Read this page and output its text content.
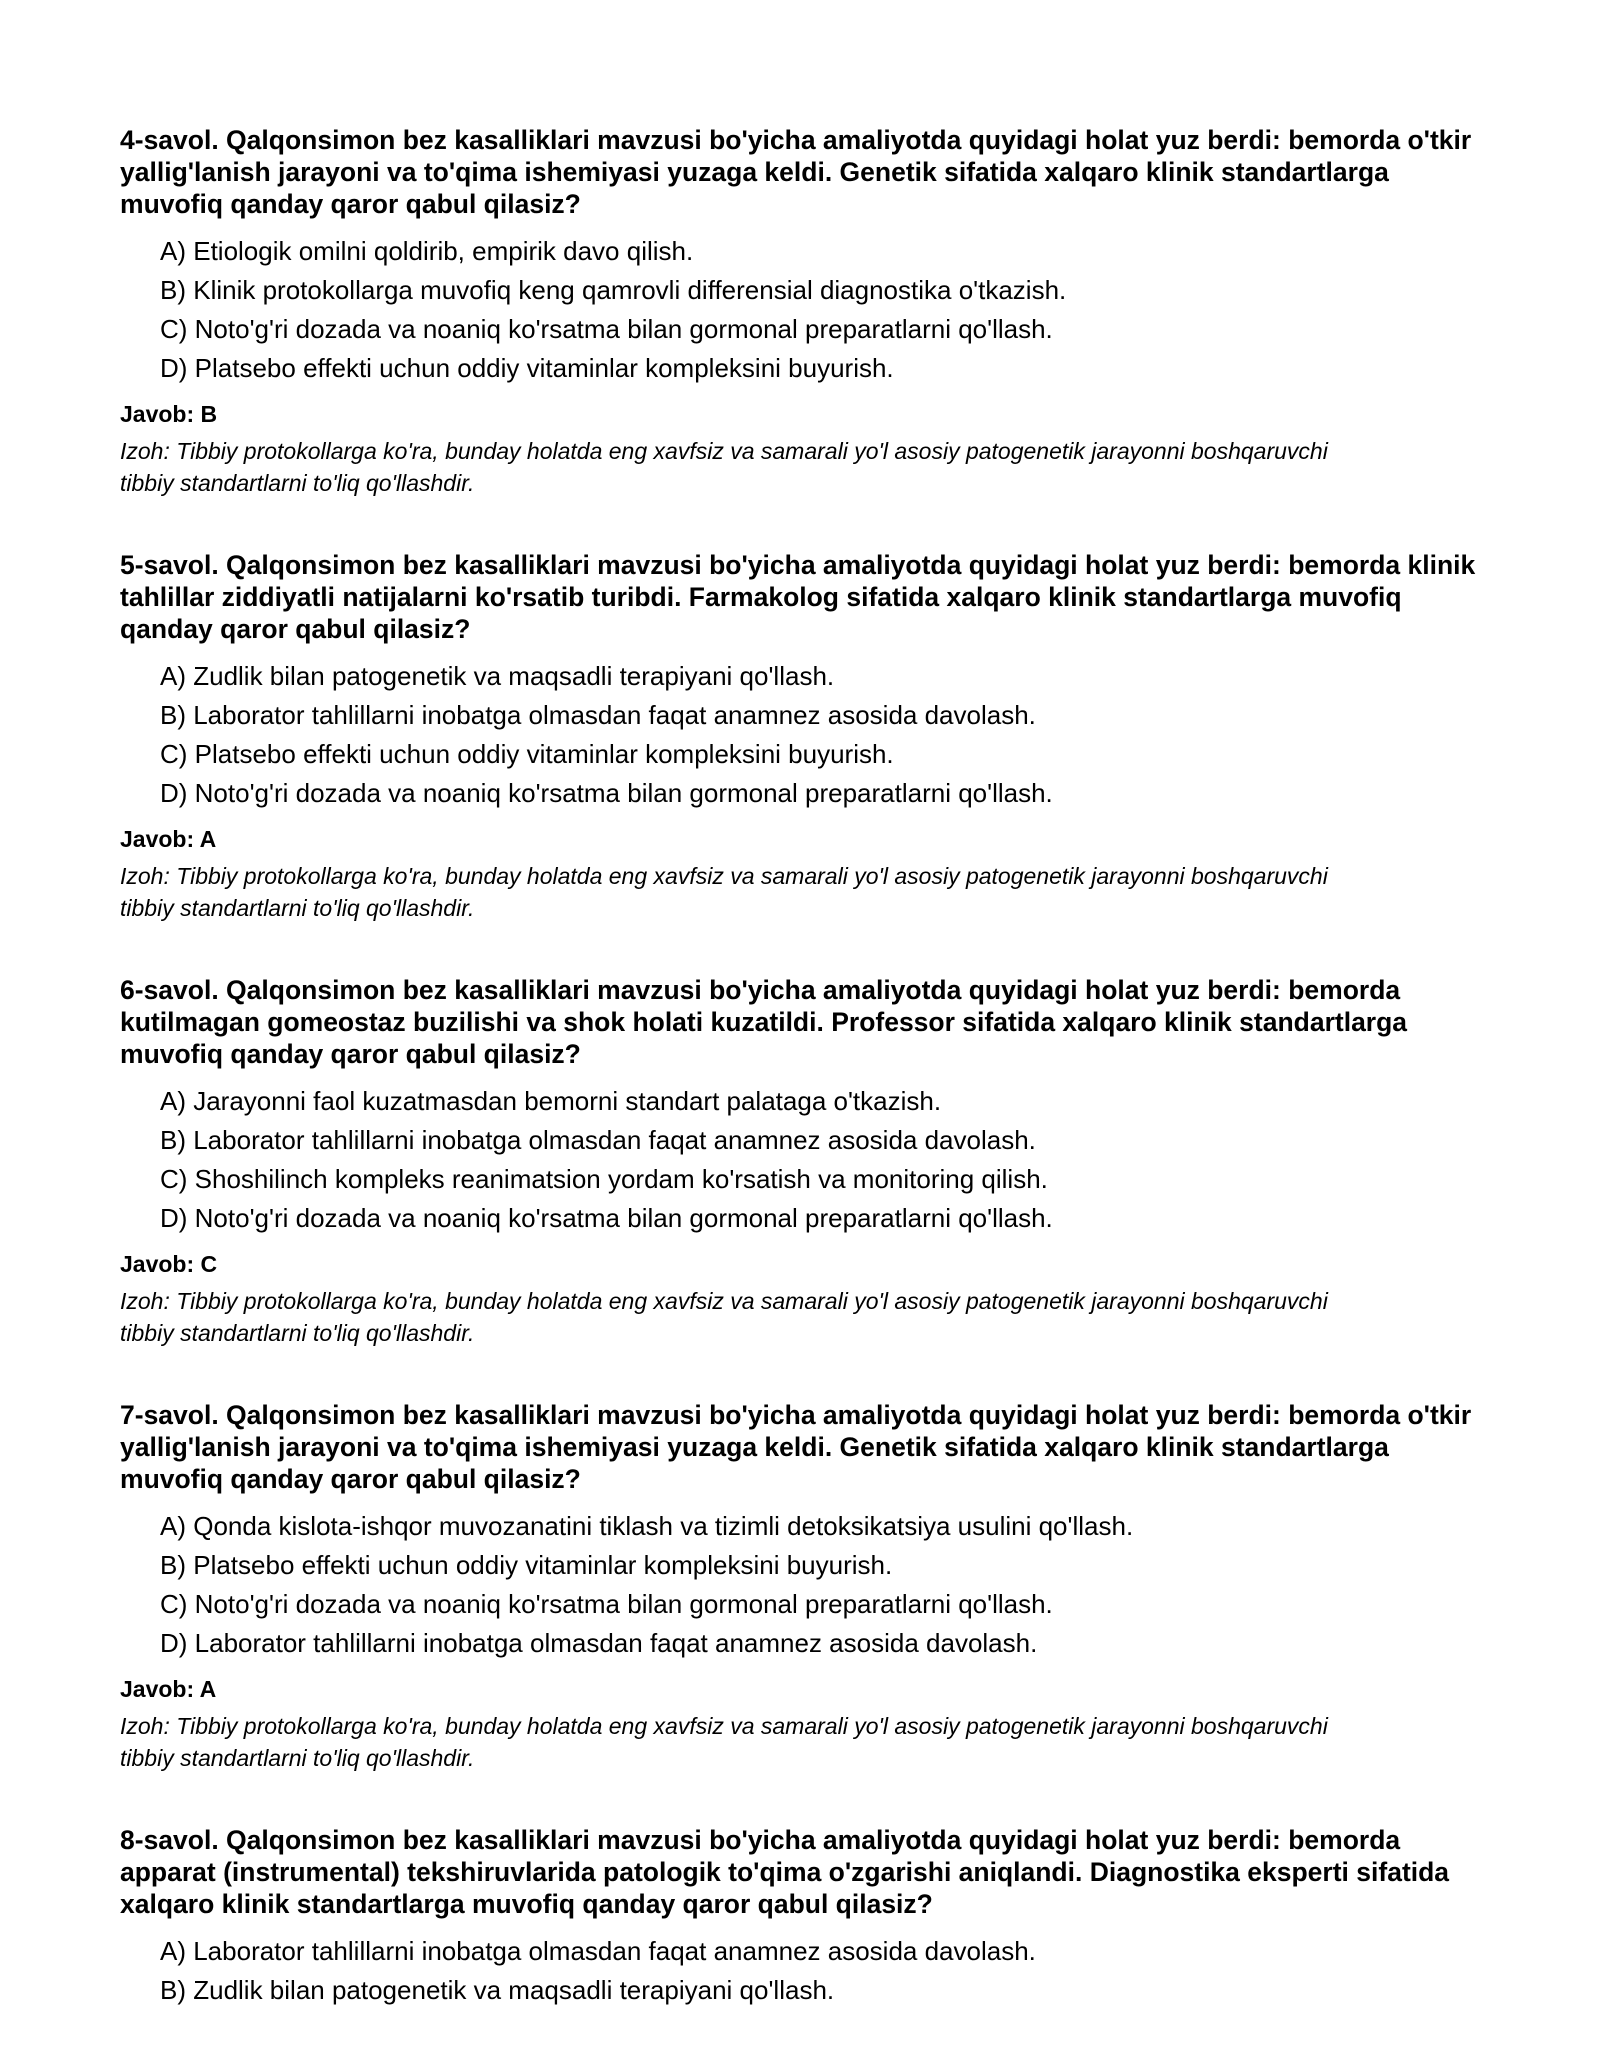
4-savol. Qalqonsimon bez kasalliklari mavzusi bo'yicha amaliyotda quyidagi holat yuz berdi: bemorda o'tkir yallig'lanish jarayoni va to'qima ishemiyasi yuzaga keldi. Genetik sifatida xalqaro klinik standartlarga muvofiq qanday qaror qabul qilasiz?

A) Etiologik omilni qoldirib, empirik davo qilish.
B) Klinik protokollarga muvofiq keng qamrovli differensial diagnostika o'tkazish.
C) Noto'g'ri dozada va noaniq ko'rsatma bilan gormonal preparatlarni qo'llash.
D) Platsebo effekti uchun oddiy vitaminlar kompleksini buyurish.

Javob: B

Izoh: Tibbiy protokollarga ko'ra, bunday holatda eng xavfsiz va samarali yo'l asosiy patogenetik jarayonni boshqaruvchi tibbiy standartlarni to'liq qo'llashdir.

5-savol. Qalqonsimon bez kasalliklari mavzusi bo'yicha amaliyotda quyidagi holat yuz berdi: bemorda klinik tahlillar ziddiyatli natijalarni ko'rsatib turibdi. Farmakolog sifatida xalqaro klinik standartlarga muvofiq qanday qaror qabul qilasiz?

A) Zudlik bilan patogenetik va maqsadli terapiyani qo'llash.
B) Laborator tahlillarni inobatga olmasdan faqat anamnez asosida davolash.
C) Platsebo effekti uchun oddiy vitaminlar kompleksini buyurish.
D) Noto'g'ri dozada va noaniq ko'rsatma bilan gormonal preparatlarni qo'llash.

Javob: A

Izoh: Tibbiy protokollarga ko'ra, bunday holatda eng xavfsiz va samarali yo'l asosiy patogenetik jarayonni boshqaruvchi tibbiy standartlarni to'liq qo'llashdir.

6-savol. Qalqonsimon bez kasalliklari mavzusi bo'yicha amaliyotda quyidagi holat yuz berdi: bemorda kutilmagan gomeostaz buzilishi va shok holati kuzatildi. Professor sifatida xalqaro klinik standartlarga muvofiq qanday qaror qabul qilasiz?

A) Jarayonni faol kuzatmasdan bemorni standart palataga o'tkazish.
B) Laborator tahlillarni inobatga olmasdan faqat anamnez asosida davolash.
C) Shoshilinch kompleks reanimatsion yordam ko'rsatish va monitoring qilish.
D) Noto'g'ri dozada va noaniq ko'rsatma bilan gormonal preparatlarni qo'llash.

Javob: C

Izoh: Tibbiy protokollarga ko'ra, bunday holatda eng xavfsiz va samarali yo'l asosiy patogenetik jarayonni boshqaruvchi tibbiy standartlarni to'liq qo'llashdir.

7-savol. Qalqonsimon bez kasalliklari mavzusi bo'yicha amaliyotda quyidagi holat yuz berdi: bemorda o'tkir yallig'lanish jarayoni va to'qima ishemiyasi yuzaga keldi. Genetik sifatida xalqaro klinik standartlarga muvofiq qanday qaror qabul qilasiz?

A) Qonda kislota-ishqor muvozanatini tiklash va tizimli detoksikatsiya usulini qo'llash.
B) Platsebo effekti uchun oddiy vitaminlar kompleksini buyurish.
C) Noto'g'ri dozada va noaniq ko'rsatma bilan gormonal preparatlarni qo'llash.
D) Laborator tahlillarni inobatga olmasdan faqat anamnez asosida davolash.

Javob: A

Izoh: Tibbiy protokollarga ko'ra, bunday holatda eng xavfsiz va samarali yo'l asosiy patogenetik jarayonni boshqaruvchi tibbiy standartlarni to'liq qo'llashdir.

8-savol. Qalqonsimon bez kasalliklari mavzusi bo'yicha amaliyotda quyidagi holat yuz berdi: bemorda apparat (instrumental) tekshiruvlarida patologik to'qima o'zgarishi aniqlandi. Diagnostika eksperti sifatida xalqaro klinik standartlarga muvofiq qanday qaror qabul qilasiz?

A) Laborator tahlillarni inobatga olmasdan faqat anamnez asosida davolash.
B) Zudlik bilan patogenetik va maqsadli terapiyani qo'llash.
